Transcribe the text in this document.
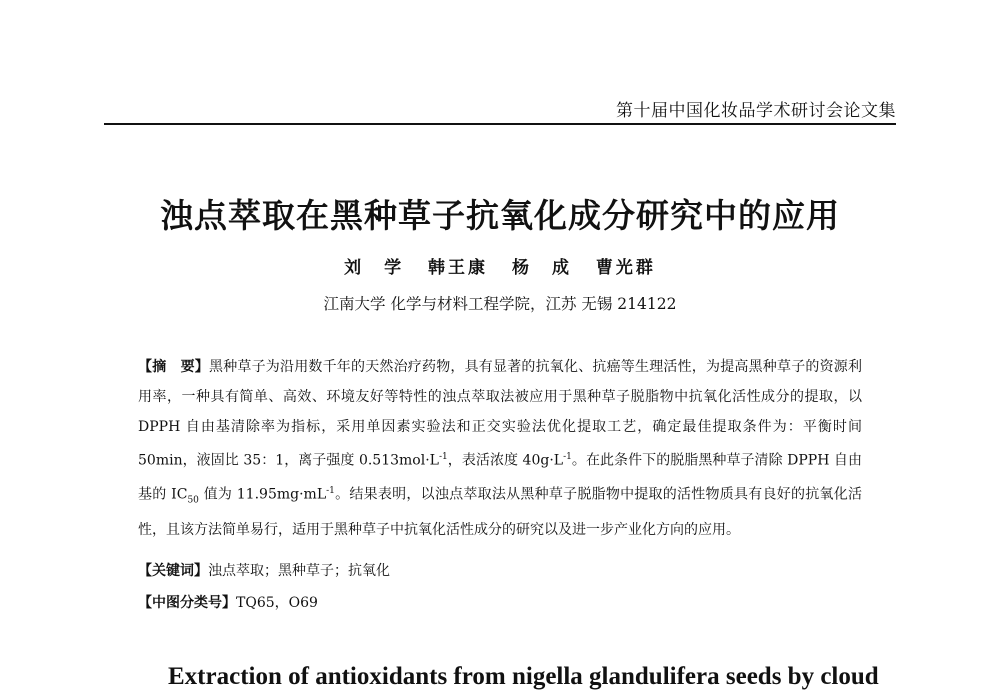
第十届中国化妆品学术研讨会论文集
浊点萃取在黑种草子抗氧化成分研究中的应用
刘　学 韩王康 杨　成 曹光群
江南大学 化学与材料工程学院，江苏 无锡 214122

【摘　要】黑种草子为沿用数千年的天然治疗药物，具有显著的抗氧化、抗癌等生理活性，为提高黑种草子的资源利用率，一种具有简单、高效、环境友好等特性的浊点萃取法被应用于黑种草子脱脂物中抗氧化活性成分的提取，以 DPPH 自由基清除率为指标，采用单因素实验法和正交实验法优化提取工艺，确定最佳提取条件为：平衡时间 50min，液固比 35：1，离子强度 $0.513mol\cdot L^{-1}$，表活浓度 $40g\cdot L^{-1}$。在此条件下的脱脂黑种草子清除 DPPH 自由基的 $IC_{50}$ 值为 $11.95mg\cdot mL^{-1}$。结果表明，以浊点萃取法从黑种草子脱脂物中提取的活性物质具有良好的抗氧化活性，且该方法简单易行，适用于黑种草子中抗氧化活性成分的研究以及进一步产业化方向的应用。

【关键词】浊点萃取；黑种草子；抗氧化
【中图分类号】TQ65，O69
Extraction of antioxidants from nigella glandulifera seeds by cloud
